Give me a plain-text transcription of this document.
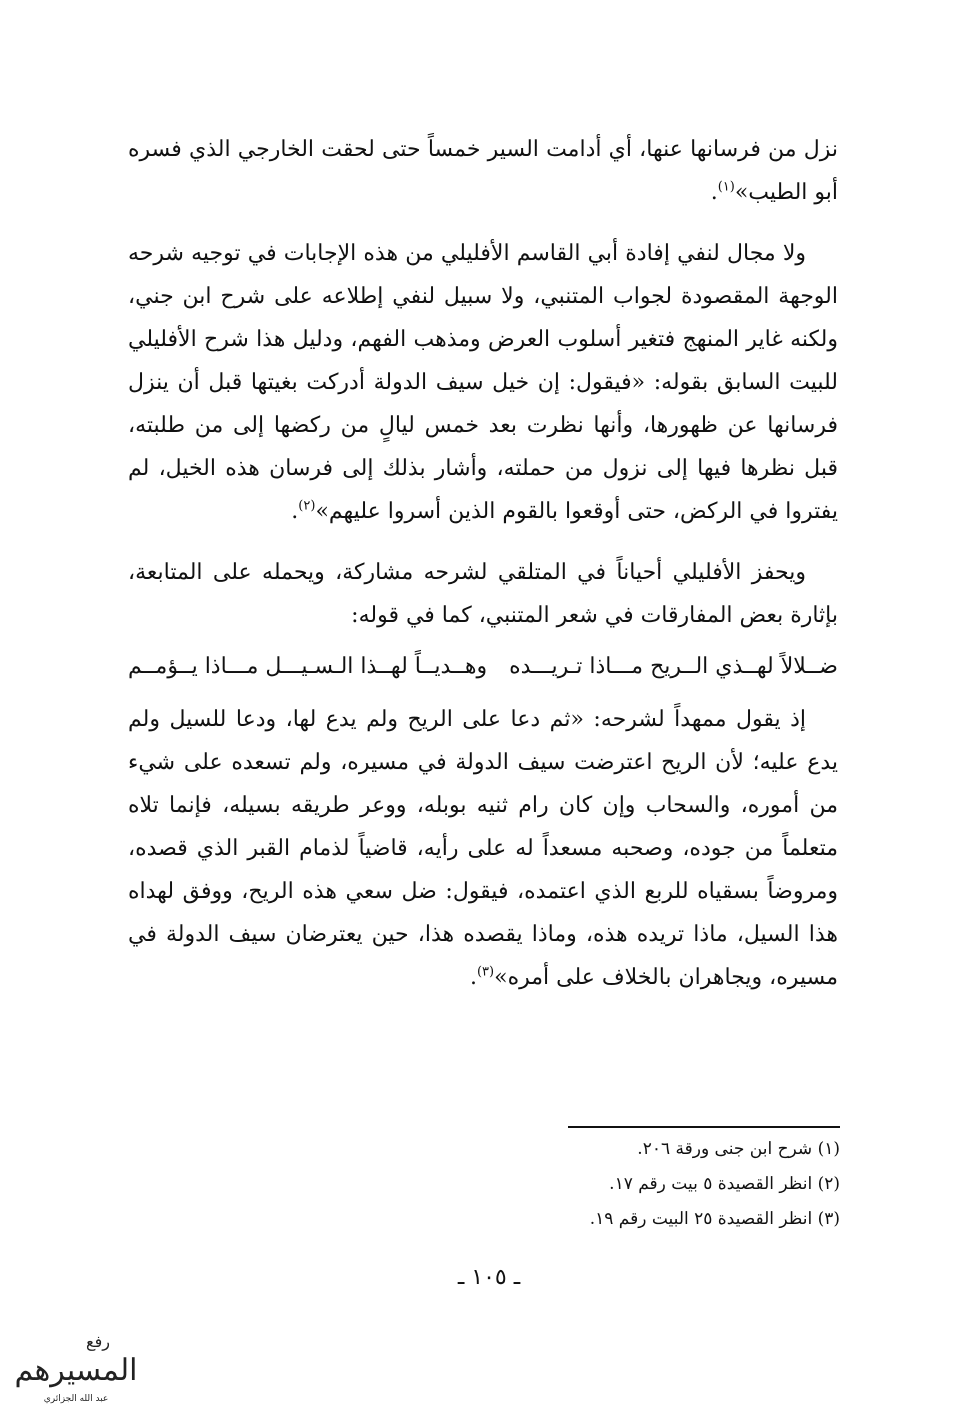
نزل من فرسانها عنها، أي أدامت السير خمساً حتى لحقت الخارجي الذي فسره أبو الطيب»$^{(١)}$.

ولا مجال لنفي إفادة أبي القاسم الأفليلي من هذه الإجابات في توجيه شرحه الوجهة المقصودة لجواب المتنبي، ولا سبيل لنفي إطلاعه على شرح ابن جني، ولكنه غاير المنهج فتغير أسلوب العرض ومذهب الفهم، ودليل هذا شرح الأفليلي للبيت السابق بقوله: «فيقول: إن خيل سيف الدولة أدركت بغيتها قبل أن ينزل فرسانها عن ظهورها، وأنها نظرت بعد خمس ليالٍ من ركضها إلى من طلبته، قبل نظرها فيها إلى نزول من حملته، وأشار بذلك إلى فرسان هذه الخيل، لم يفتروا في الركض، حتى أوقعوا بالقوم الذين أسروا عليهم»$^{(٢)}$.

ويحفز الأفليلي أحياناً في المتلقي لشرحه مشاركة، ويحمله على المتابعة، بإثارة بعض المفارقات في شعر المتنبي، كما في قوله:

ضــلالاً لهــذي الــريح مـــاذا تـريـــده
وهــديــاً لهــذا الـسـيـــل مـــاذا يــؤمــم

إذ يقول ممهداً لشرحه: «ثم دعا على الريح ولم يدع لها، ودعا للسيل ولم يدع عليه؛ لأن الريح اعترضت سيف الدولة في مسيره، ولم تسعده على شيء من أموره، والسحاب وإن كان رام ثنيه بوبله، ووعر طريقه بسيله، فإنما تلاه متعلماً من جوده، وصحبه مسعداً له على رأيه، قاضياً لذمام القبر الذي قصده، ومروضاً بسقياه للربع الذي اعتمده، فيقول: ضل سعي هذه الريح، ووفق لهداه هذا السيل، ماذا تريده هذه، وماذا يقصده هذا، حين يعترضان سيف الدولة في مسيره، ويجاهران بالخلاف على أمره»$^{(٣)}$.

(١) شرح ابن جنى ورقة ٢٠٦.

(٢) انظر القصيدة ٥ بيت رقم ١٧.

(٣) انظر القصيدة ٢٥ البيت رقم ١٩.

ـ ١٠٥ ـ
رفع
المسيرهم
عبد الله الجزائري
